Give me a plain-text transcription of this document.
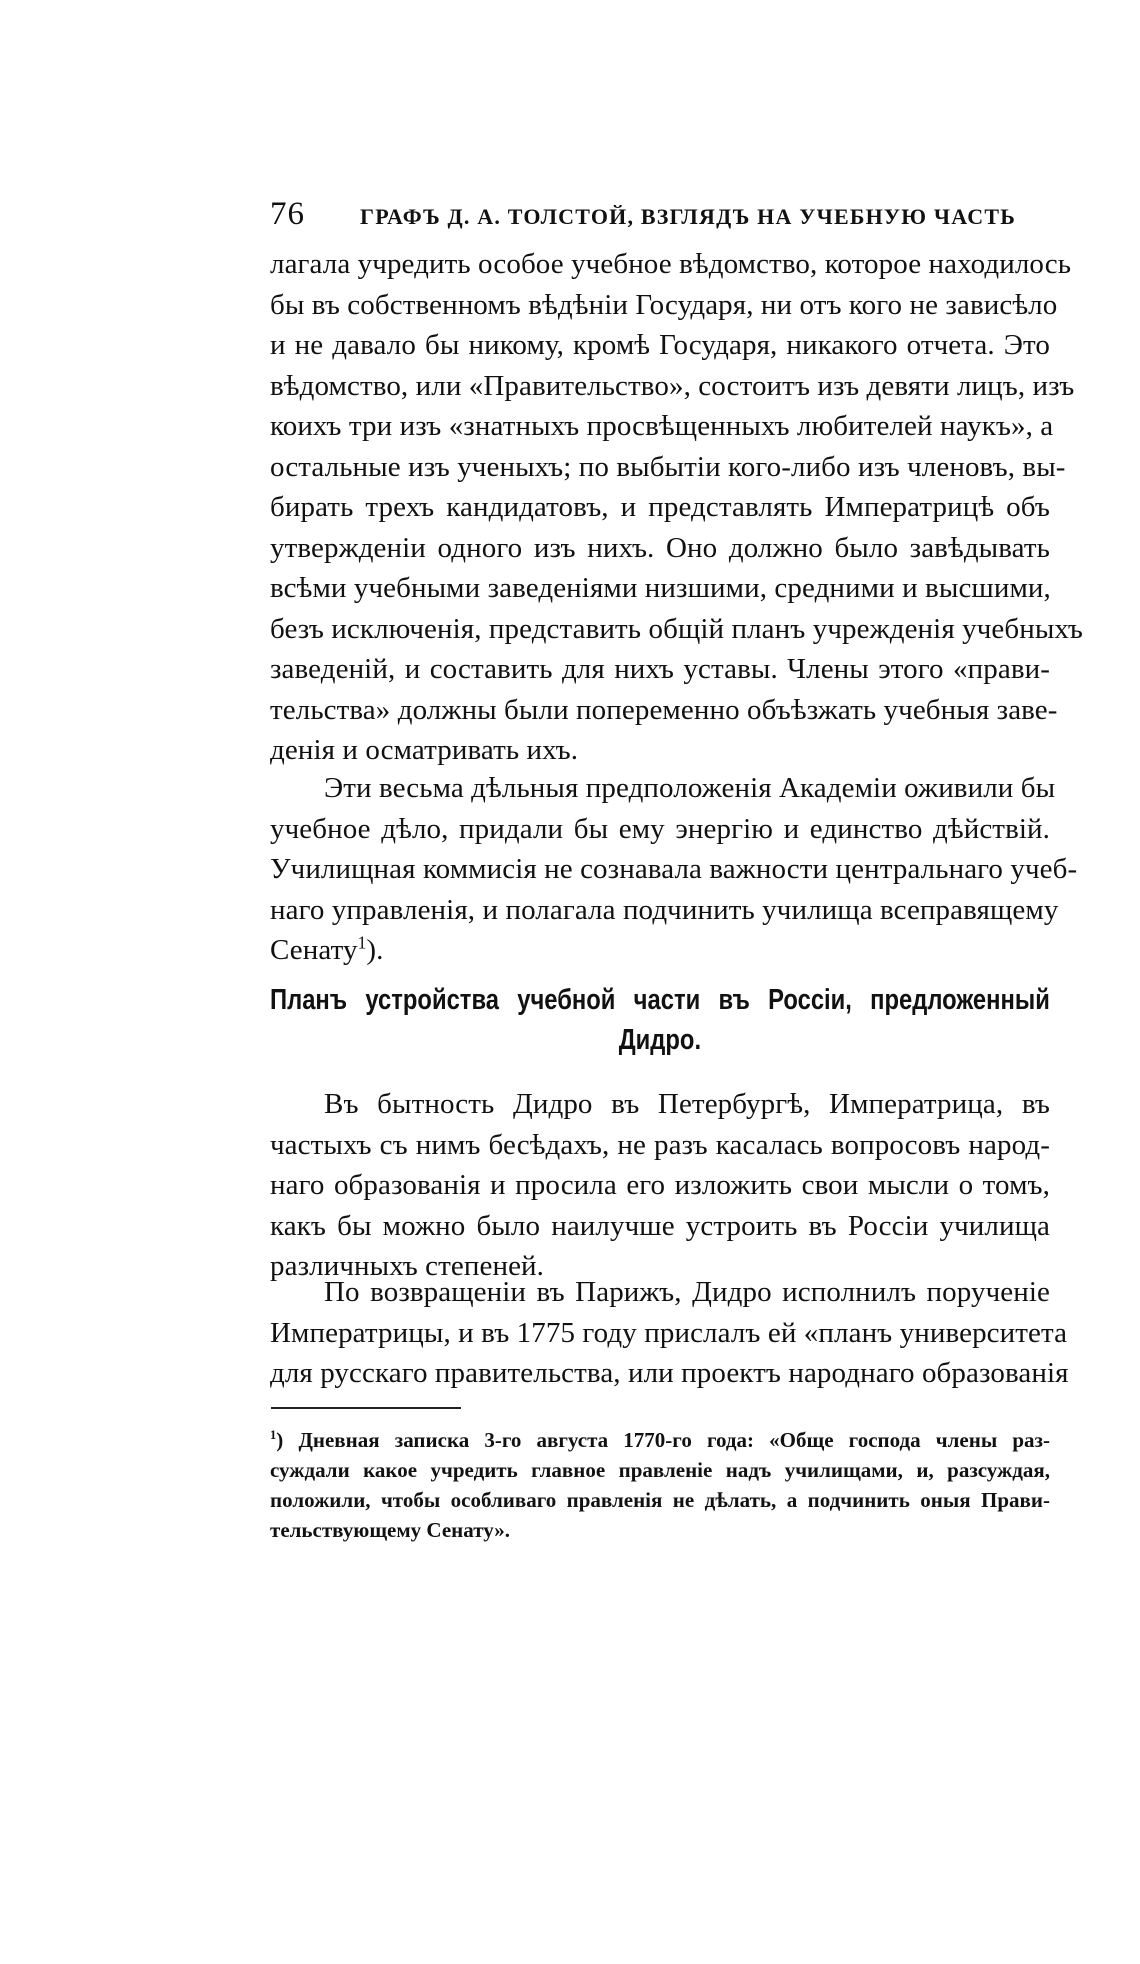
76	ГРАФЪ Д. А. ТОЛСТОЙ, ВЗГЛЯДЪ НА УЧЕБНУЮ ЧАСТЬ

лагала учредить особое учебное вѣдомство, которое находилось
бы въ собственномъ вѣдѣніи Государя, ни отъ кого не зависѣло
и не давало бы никому, кромѣ Государя, никакого отчета. Это
вѣдомство, или «Правительство», состоитъ изъ девяти лицъ, изъ
коихъ три изъ «знатныхъ просвѣщенныхъ любителей наукъ», а
остальные изъ ученыхъ; по выбытіи кого-либо изъ членовъ, вы-
бирать трехъ кандидатовъ, и представлять Императрицѣ объ
утвержденіи одного изъ нихъ. Оно должно было завѣдывать
всѣми учебными заведеніями низшими, средними и высшими,
безъ исключенія, представить общій планъ учрежденія учебныхъ
заведеній, и составить для нихъ уставы. Члены этого «прави-
тельства» должны были попеременно объѣзжать учебныя заве-
денія и осматривать ихъ.

Эти весьма дѣльныя предположенія Академіи оживили бы
учебное дѣло, придали бы ему энергію и единство дѣйствій.
Училищная коммисія не сознавала важности центральнаго учеб-
наго управленія, и полагала подчинить училища всеправящему
Сенату$^1$).

Планъ устройства учебной части въ Россіи, предложенный
Дидро.

Въ бытность Дидро въ Петербургѣ, Императрица, въ
частыхъ съ нимъ бесѣдахъ, не разъ касалась вопросовъ народ-
наго образованія и просила его изложить свои мысли о томъ,
какъ бы можно было наилучше устроить въ Россіи училища
различныхъ степеней.

По возвращеніи въ Парижъ, Дидро исполнилъ порученіе
Императрицы, и въ 1775 году прислалъ ей «планъ университета
для русскаго правительства, или проектъ народнаго образованія

$^1$) Дневная записка 3-го августа 1770-го года: «Обще господа члены раз-
суждали какое учредить главное правленіе надъ училищами, и, разсуждая,
положили, чтобы особливаго правленія не дѣлать, а подчинить оныя Прави-
тельствующему Сенату».
